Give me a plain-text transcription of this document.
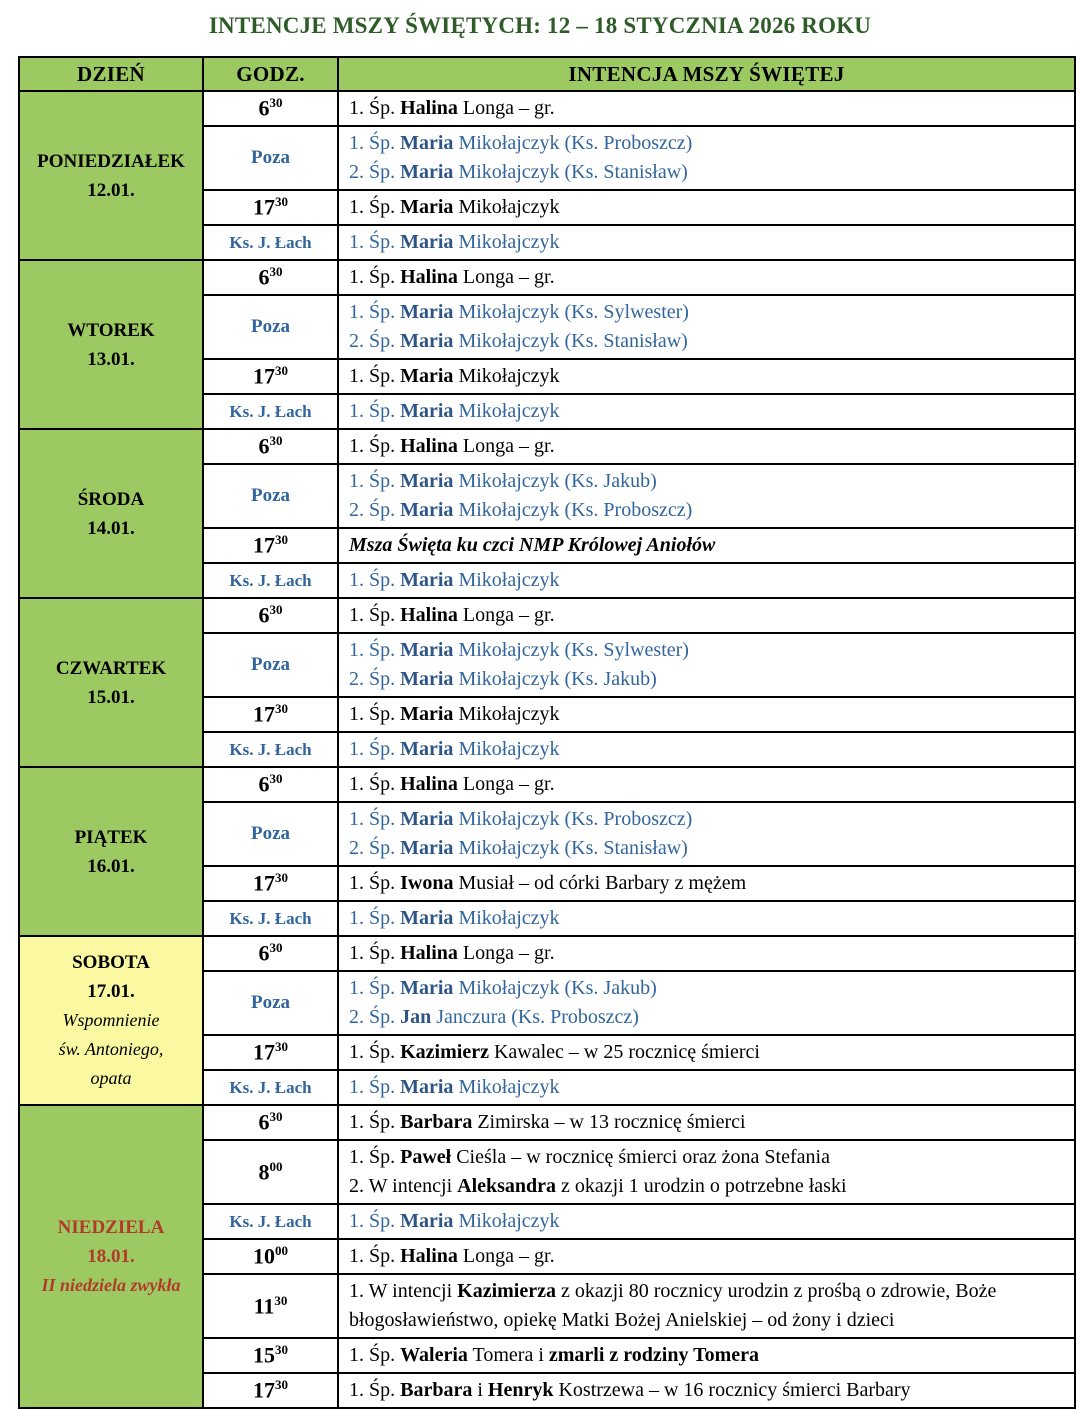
INTENCJE MSZY ŚWIĘTYCH: 12 – 18 STYCZNIA 2026 ROKU
DZIEŃ	GODZ.	INTENCJA MSZY ŚWIĘTEJ

PONIEDZIAŁEK
12.01.	$6^{30}$	1. Śp. Halina Longa – gr.

	Poza	1. Śp. Maria Mikołajczyk (Ks. Proboszcz)
2. Śp. Maria Mikołajczyk (Ks. Stanisław)

	$17^{30}$	1. Śp. Maria Mikołajczyk

	Ks. J. Łach	1. Śp. Maria Mikołajczyk

WTOREK
13.01.	$6^{30}$	1. Śp. Halina Longa – gr.

	Poza	1. Śp. Maria Mikołajczyk (Ks. Sylwester)
2. Śp. Maria Mikołajczyk (Ks. Stanisław)

	$17^{30}$	1. Śp. Maria Mikołajczyk

	Ks. J. Łach	1. Śp. Maria Mikołajczyk

ŚRODA
14.01.	$6^{30}$	1. Śp. Halina Longa – gr.

	Poza	1. Śp. Maria Mikołajczyk (Ks. Jakub)
2. Śp. Maria Mikołajczyk (Ks. Proboszcz)

	$17^{30}$	Msza Święta ku czci NMP Królowej Aniołów

	Ks. J. Łach	1. Śp. Maria Mikołajczyk

CZWARTEK
15.01.	$6^{30}$	1. Śp. Halina Longa – gr.

	Poza	1. Śp. Maria Mikołajczyk (Ks. Sylwester)
2. Śp. Maria Mikołajczyk (Ks. Jakub)

	$17^{30}$	1. Śp. Maria Mikołajczyk

	Ks. J. Łach	1. Śp. Maria Mikołajczyk

PIĄTEK
16.01.	$6^{30}$	1. Śp. Halina Longa – gr.

	Poza	1. Śp. Maria Mikołajczyk (Ks. Proboszcz)
2. Śp. Maria Mikołajczyk (Ks. Stanisław)

	$17^{30}$	1. Śp. Iwona Musiał – od córki Barbary z mężem

	Ks. J. Łach	1. Śp. Maria Mikołajczyk

SOBOTA
17.01.
Wspomnienie
św. Antoniego,
opata	$6^{30}$	1. Śp. Halina Longa – gr.

	Poza	1. Śp. Maria Mikołajczyk (Ks. Jakub)
2. Śp. Jan Janczura (Ks. Proboszcz)

	$17^{30}$	1. Śp. Kazimierz Kawalec – w 25 rocznicę śmierci

	Ks. J. Łach	1. Śp. Maria Mikołajczyk

NIEDZIELA
18.01.
II niedziela zwykła	$6^{30}$	1. Śp. Barbara Zimirska – w 13 rocznicę śmierci

	$8^{00}$	1. Śp. Paweł Cieśla – w rocznicę śmierci oraz żona Stefania
2. W intencji Aleksandra z okazji 1 urodzin o potrzebne łaski

	Ks. J. Łach	1. Śp. Maria Mikołajczyk

	$10^{00}$	1. Śp. Halina Longa – gr.

	$11^{30}$	1. W intencji Kazimierza z okazji 80 rocznicy urodzin z prośbą o zdrowie, Boże błogosławieństwo, opiekę Matki Bożej Anielskiej – od żony i dzieci

	$15^{30}$	1. Śp. Waleria Tomera i zmarli z rodziny Tomera

	$17^{30}$	1. Śp. Barbara i Henryk Kostrzewa – w 16 rocznicy śmierci Barbary
